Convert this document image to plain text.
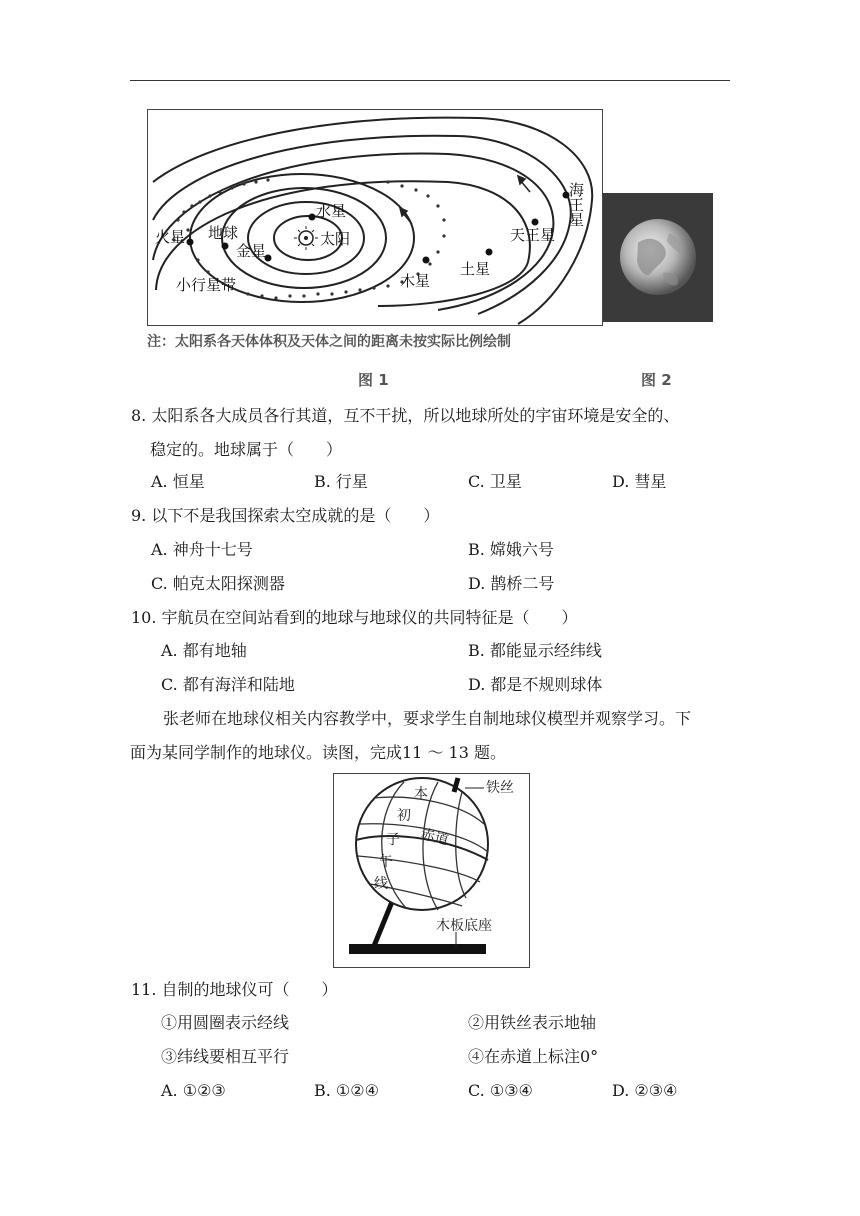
水星
太阳
地球
金星
火星
小行星带	木星
土星
天王星
海王星
注：太阳系各天体体积及天体之间的距离未按实际比例绘制
图 1	图 2
8. 太阳系各大成员各行其道，互不干扰，所以地球所处的宇宙环境是安全的、
稳定的。地球属于（　　）
A. 恒星	B. 行星	C. 卫星	D. 彗星
9. 以下不是我国探索太空成就的是（　　）
A. 神舟十七号	B. 嫦娥六号
C. 帕克太阳探测器	D. 鹊桥二号
10. 宇航员在空间站看到的地球与地球仪的共同特征是（　　）
A. 都有地轴	B. 都能显示经纬线
C. 都有海洋和陆地	D. 都是不规则球体
张老师在地球仪相关内容教学中，要求学生自制地球仪模型并观察学习。下
面为某同学制作的地球仪。读图，完成11 ～ 13 题。
铁丝
本
初
子
午
线
赤道
木板底座
11. 自制的地球仪可（　　）
①用圆圈表示经线	②用铁丝表示地轴
③纬线要相互平行	④在赤道上标注0°
A. ①②③	B. ①②④	C. ①③④	D. ②③④
